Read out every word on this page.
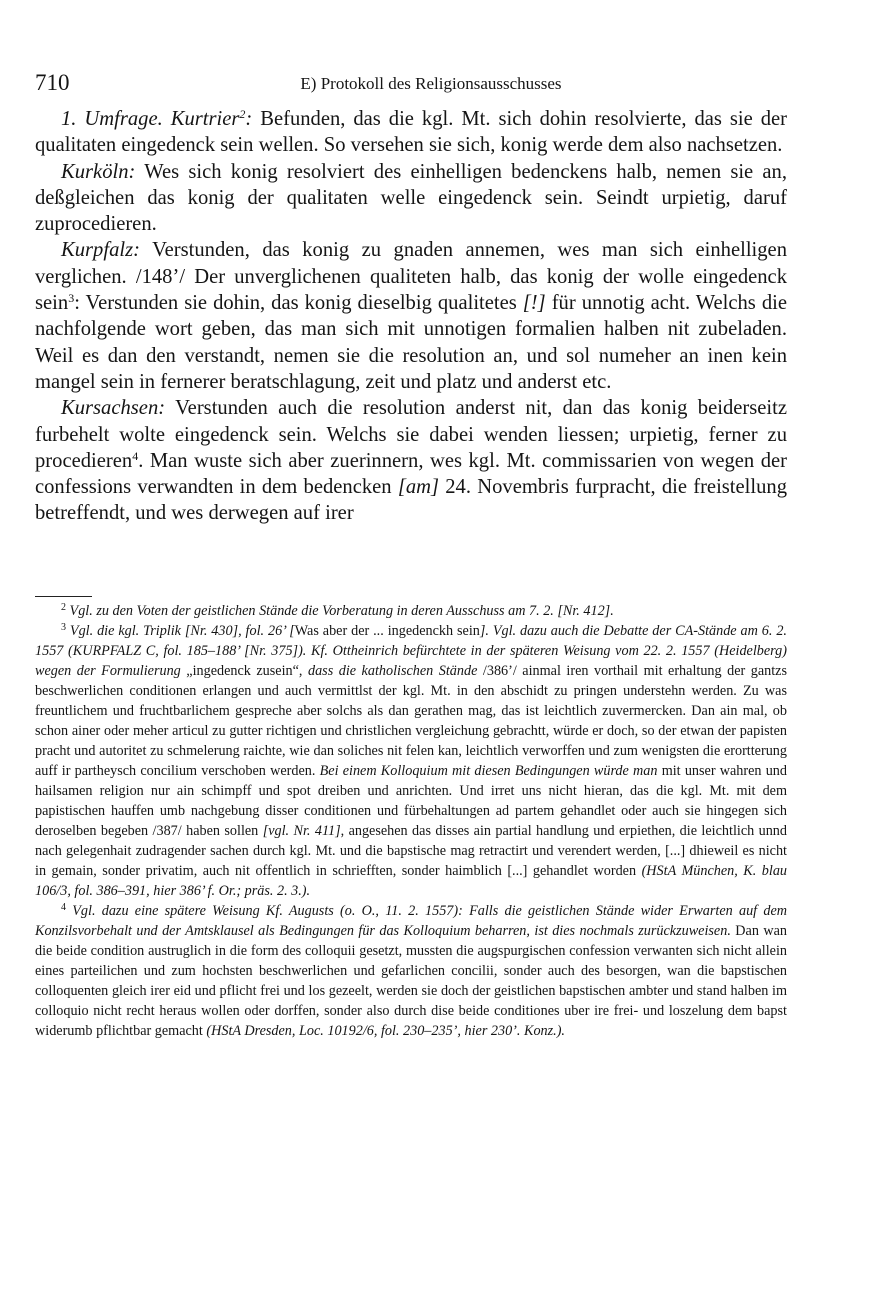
710	E) Protokoll des Religionsausschusses

1. Umfrage. Kurtrier$^2$: Befunden, das die kgl. Mt. sich dohin resolvierte, das sie der qualitaten eingedenck sein wellen. So versehen sie sich, konig werde dem also nachsetzen.

Kurköln: Wes sich konig resolviert des einhelligen bedenckens halb, nemen sie an, deßgleichen das konig der qualitaten welle eingedenck sein. Seindt urpietig, daruf zuprocedieren.

Kurpfalz: Verstunden, das konig zu gnaden annemen, wes man sich einhelligen verglichen. /148’/ Der unverglichenen qualiteten halb, das konig der wolle eingedenck sein$^3$: Verstunden sie dohin, das konig dieselbig qualitetes [!] für unnotig acht. Welchs die nachfolgende wort geben, das man sich mit unnotigen formalien halben nit zubeladen. Weil es dan den verstandt, nemen sie die resolution an, und sol numeher an inen kein mangel sein in fernerer beratschlagung, zeit und platz und anderst etc.

Kursachsen: Verstunden auch die resolution anderst nit, dan das konig beiderseitz furbehelt wolte eingedenck sein. Welchs sie dabei wenden liessen; urpietig, ferner zu procedieren$^4$. Man wuste sich aber zuerinnern, wes kgl. Mt. commissarien von wegen der confessions verwandten in dem bedencken [am] 24. Novembris furpracht, die freistellung betreffendt, und wes derwegen auf irer

$^2$ Vgl. zu den Voten der geistlichen Stände die Vorberatung in deren Ausschuss am 7. 2. [Nr. 412].

$^3$ Vgl. die kgl. Triplik [Nr. 430], fol. 26’ [Was aber der ... ingedenckh sein]. Vgl. dazu auch die Debatte der CA-Stände am 6. 2. 1557 (KURPFALZ C, fol. 185–188’ [Nr. 375]). Kf. Ottheinrich befürchtete in der späteren Weisung vom 22. 2. 1557 (Heidelberg) wegen der Formulierung „ingedenck zusein“, dass die katholischen Stände /386’/ ainmal iren vorthail mit erhaltung der gantzs beschwerlichen conditionen erlangen und auch vermittlst der kgl. Mt. in den abschidt zu pringen understehn werden. Zu was freuntlichem und fruchtbarlichem gespreche aber solchs als dan gerathen mag, das ist leichtlich zuvermercken. Dan ain mal, ob schon ainer oder meher articul zu gutter richtigen und christlichen vergleichung gebrachtt, würde er doch, so der etwan der papisten pracht und autoritet zu schmelerung raichte, wie dan soliches nit felen kan, leichtlich verworffen und zum wenigsten die erortterung auff ir partheysch concilium verschoben werden. Bei einem Kolloquium mit diesen Bedingungen würde man mit unser wahren und hailsamen religion nur ain schimpff und spot dreiben und anrichten. Und irret uns nicht hieran, das die kgl. Mt. mit dem papistischen hauffen umb nachgebung disser conditionen und fürbehaltungen ad partem gehandlet oder auch sie hingegen sich deroselben begeben /387/ haben sollen [vgl. Nr. 411], angesehen das disses ain partial handlung und erpiethen, die leichtlich unnd nach gelegenhait zudragender sachen durch kgl. Mt. und die bapstische mag retractirt und verendert werden, [...] dhieweil es nicht in gemain, sonder privatim, auch nit offentlich in schriefften, sonder haimblich [...] gehandlet worden (HStA München, K. blau 106/3, fol. 386–391, hier 386’ f. Or.; präs. 2. 3.).

$^4$ Vgl. dazu eine spätere Weisung Kf. Augusts (o. O., 11. 2. 1557): Falls die geistlichen Stände wider Erwarten auf dem Konzilsvorbehalt und der Amtsklausel als Bedingungen für das Kolloquium beharren, ist dies nochmals zurückzuweisen. Dan wan die beide condition austruglich in die form des colloquii gesetzt, mussten die augspurgischen confession verwanten sich nicht allein eines parteilichen und zum hochsten beschwerlichen und gefarlichen concilii, sonder auch des besorgen, wan die bapstischen colloquenten gleich irer eid und pflicht frei und los gezeelt, werden sie doch der geistlichen bapstischen ambter und stand halben im colloquio nicht recht heraus wollen oder dorffen, sonder also durch dise beide conditiones uber ire frei- und loszelung dem bapst widerumb pflichtbar gemacht (HStA Dresden, Loc. 10192/6, fol. 230–235’, hier 230’. Konz.).
